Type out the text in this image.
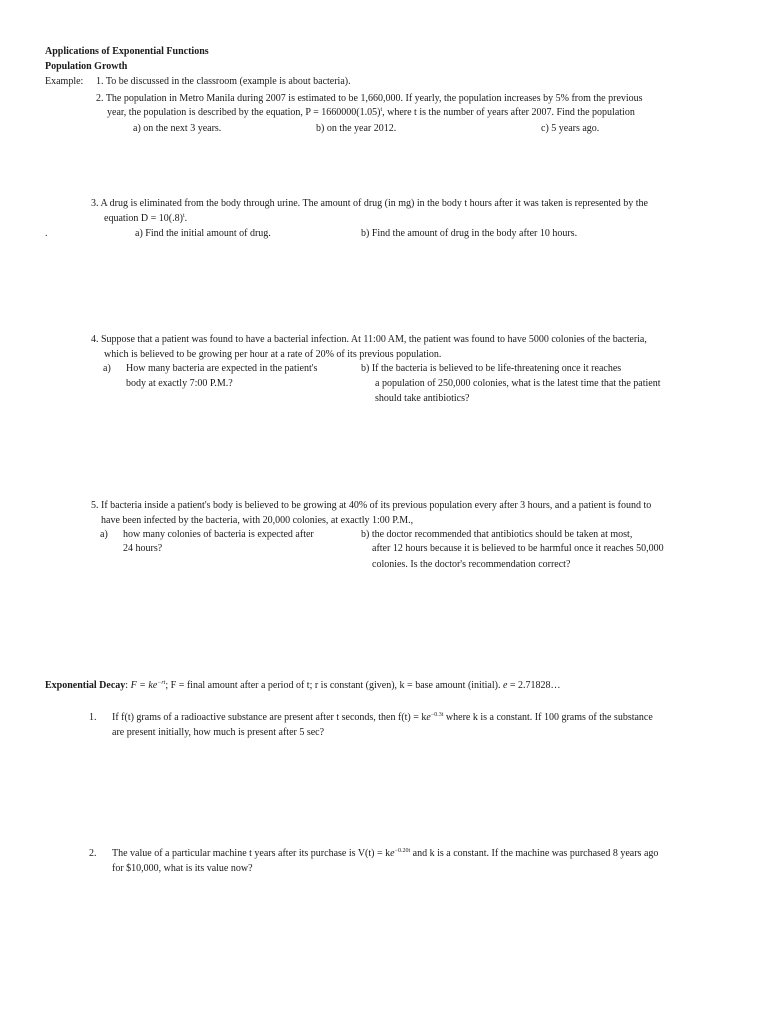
Applications of Exponential Functions
Population Growth
Example: 1. To be discussed in the classroom (example is about bacteria).
2. The population in Metro Manila during 2007 is estimated to be 1,660,000. If yearly, the population increases by 5% from the previous
year, the population is described by the equation, $P = 1660000(1.05)^t$, where t is the number of years after 2007. Find the population
a) on the next 3 years.	b) on the year 2012.	c) 5 years ago.
3. A drug is eliminated from the body through urine. The amount of drug (in mg) in the body t hours after it was taken is represented by the
equation $D = 10(.8)^t$.
.	a) Find the initial amount of drug.	b) Find the amount of drug in the body after 10 hours.
4. Suppose that a patient was found to have a bacterial infection. At 11:00 AM, the patient was found to have 5000 colonies of the bacteria,
which is believed to be growing per hour at a rate of 20% of its previous population.
a) How many bacteria are expected in the patient's
body at exactly 7:00 P.M.?
b) If the bacteria is believed to be life-threatening once it reaches
a population of 250,000 colonies, what is the latest time that the patient
should take antibiotics?
5. If bacteria inside a patient's body is believed to be growing at 40% of its previous population every after 3 hours, and a patient is found to
have been infected by the bacteria, with 20,000 colonies, at exactly 1:00 P.M.,
a) how many colonies of bacteria is expected after
24 hours?
b) the doctor recommended that antibiotics should be taken at most,
after 12 hours because it is believed to be harmful once it reaches 50,000
colonies. Is the doctor's recommendation correct?
Exponential Decay: $F = ke^{-rt}$; F = final amount after a period of t; r is constant (given), k = base amount (initial). e = 2.71828…
1. If f(t) grams of a radioactive substance are present after t seconds, then $f(t) = ke^{-0.3t}$ where k is a constant. If 100 grams of the substance
are present initially, how much is present after 5 sec?
2. The value of a particular machine t years after its purchase is $V(t) = ke^{-0.20t}$ and k is a constant. If the machine was purchased 8 years ago
for $10,000, what is its value now?
